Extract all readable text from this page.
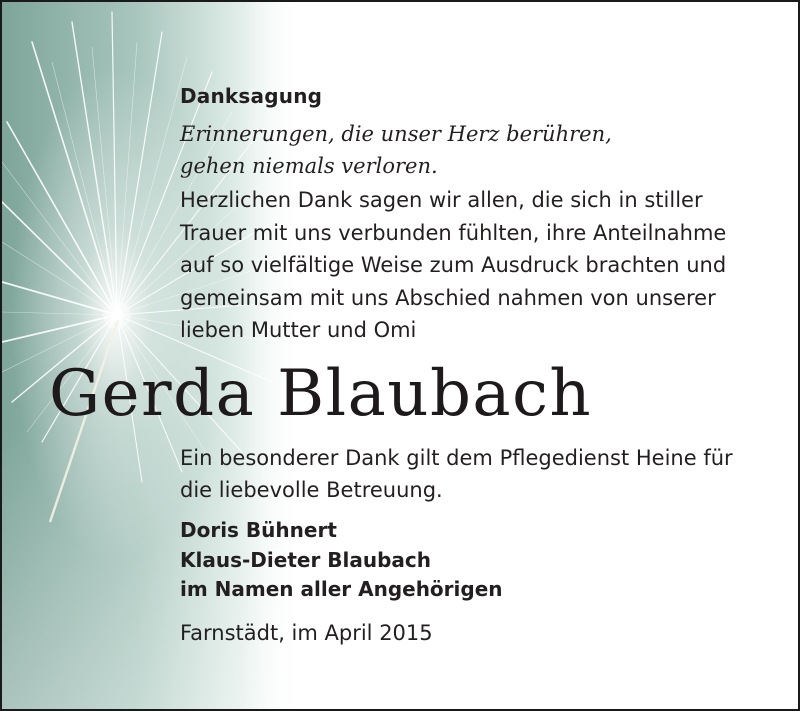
Danksagung
Erinnerungen, die unser Herz berühren,
gehen niemals verloren.
Herzlichen Dank sagen wir allen, die sich in stiller
Trauer mit uns verbunden fühlten, ihre Anteilnahme
auf so vielfältige Weise zum Ausdruck brachten und
gemeinsam mit uns Abschied nahmen von unserer
lieben Mutter und Omi
Gerda Blaubach
Ein besonderer Dank gilt dem Pflegedienst Heine für
die liebevolle Betreuung.
Doris Bühnert
Klaus-Dieter Blaubach
im Namen aller Angehörigen
Farnstädt, im April 2015
